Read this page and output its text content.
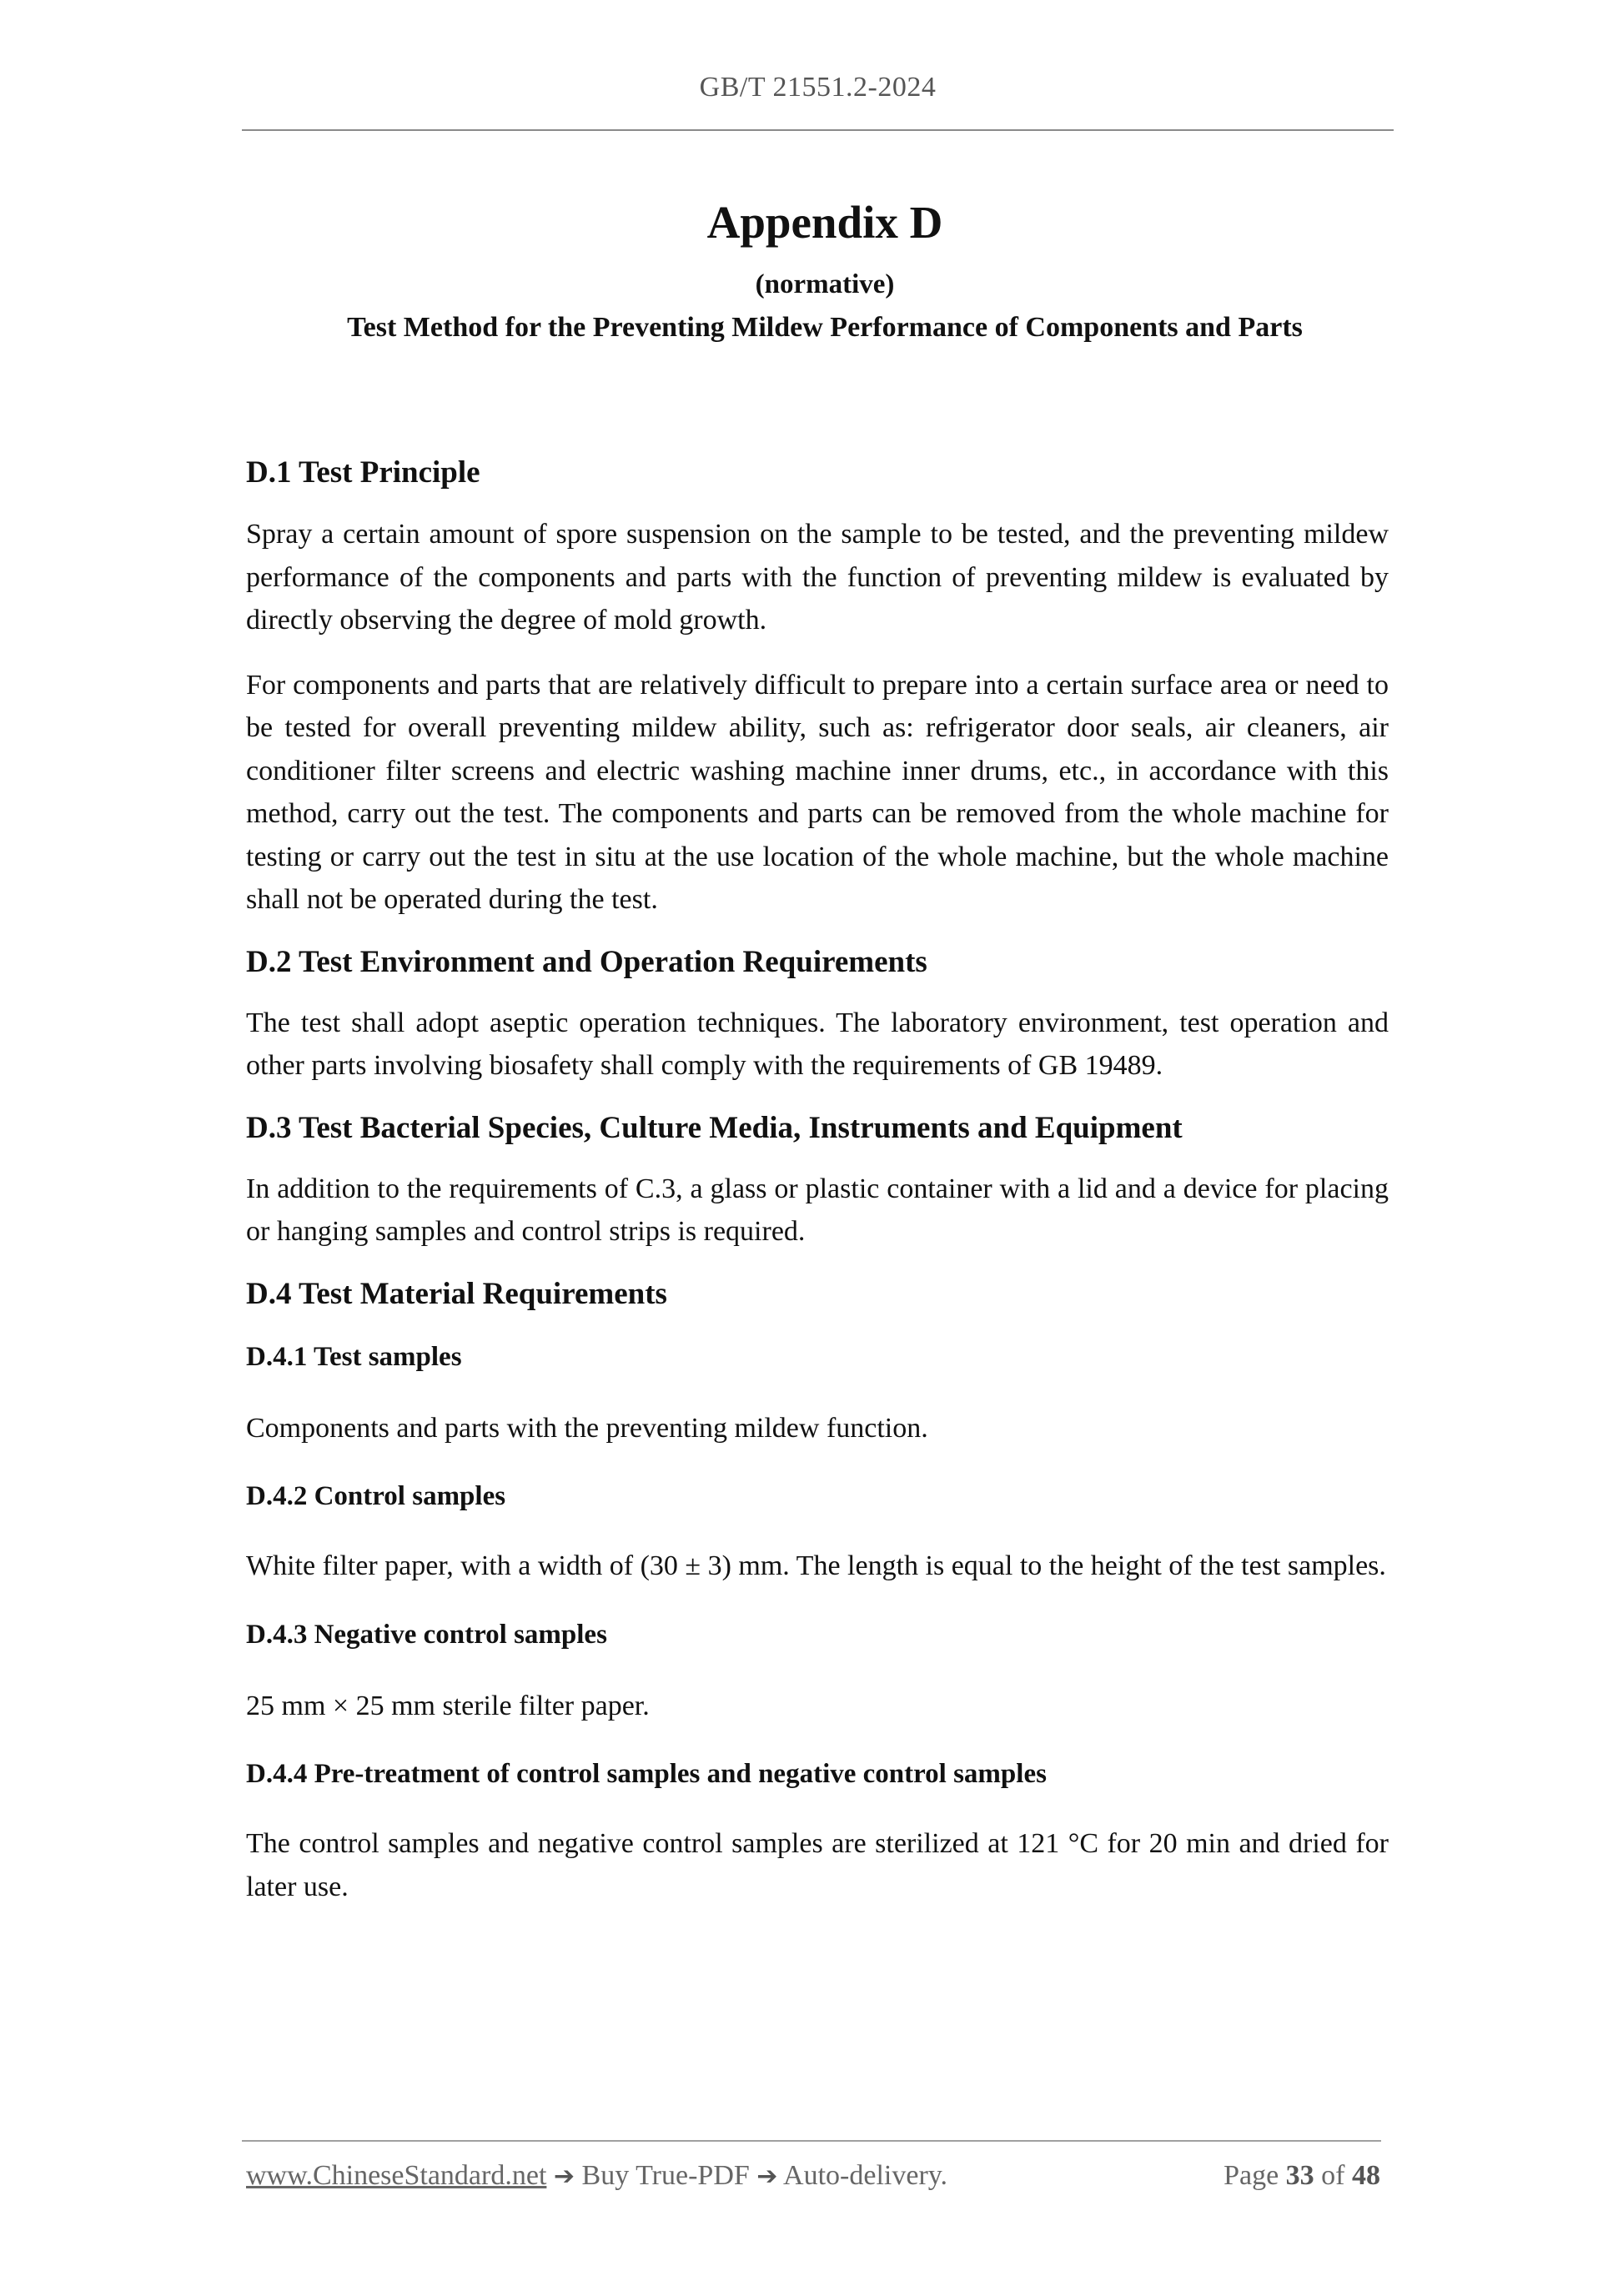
GB/T 21551.2-2024
Appendix D
(normative)
Test Method for the Preventing Mildew Performance of Components and Parts
D.1 Test Principle

Spray a certain amount of spore suspension on the sample to be tested, and the preventing mildew performance of the components and parts with the function of preventing mildew is evaluated by directly observing the degree of mold growth.

For components and parts that are relatively difficult to prepare into a certain surface area or need to be tested for overall preventing mildew ability, such as: refrigerator door seals, air cleaners, air conditioner filter screens and electric washing machine inner drums, etc., in accordance with this method, carry out the test. The components and parts can be removed from the whole machine for testing or carry out the test in situ at the use location of the whole machine, but the whole machine shall not be operated during the test.

D.2 Test Environment and Operation Requirements

The test shall adopt aseptic operation techniques. The laboratory environment, test operation and other parts involving biosafety shall comply with the requirements of GB 19489.

D.3 Test Bacterial Species, Culture Media, Instruments and Equipment

In addition to the requirements of C.3, a glass or plastic container with a lid and a device for placing or hanging samples and control strips is required.

D.4 Test Material Requirements
D.4.1 Test samples

Components and parts with the preventing mildew function.

D.4.2 Control samples

White filter paper, with a width of (30 ± 3) mm. The length is equal to the height of the test samples.

D.4.3 Negative control samples

25 mm × 25 mm sterile filter paper.

D.4.4 Pre-treatment of control samples and negative control samples

The control samples and negative control samples are sterilized at 121 °C for 20 min and dried for later use.

www.ChineseStandard.net ➔ Buy True-PDF ➔ Auto-delivery.	Page 33 of 48
